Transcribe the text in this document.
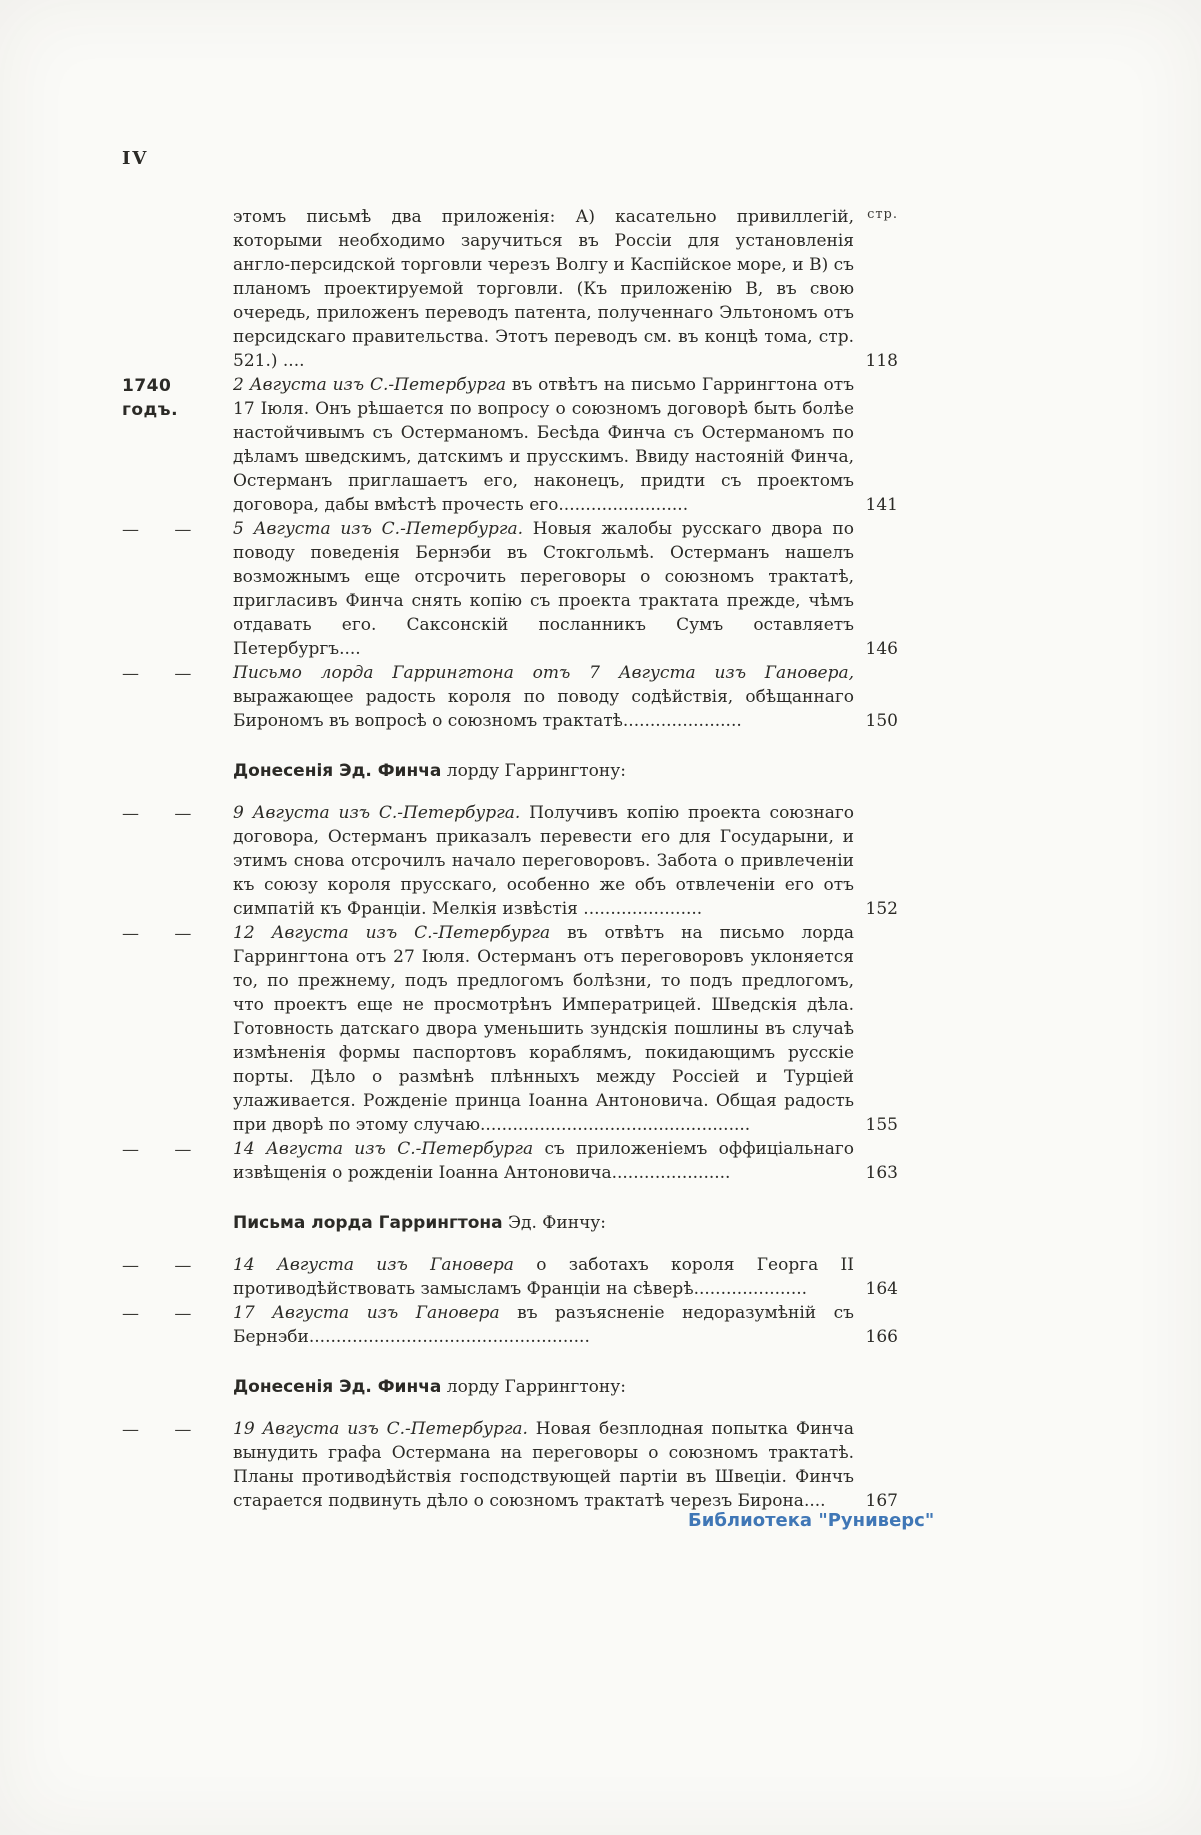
IV
стр.

этомъ письмѣ два приложенія: А) касательно привиллегій, которыми необходимо заручиться въ Россіи для установленія англо-персидской торговли черезъ Волгу и Каспійское море, и В) съ планомъ проектируемой торговли. (Къ приложенію В, въ свою очередь, приложенъ переводъ патента, полученнаго Эльтономъ отъ персидскаго правительства. Этотъ переводъ см. въ концѣ тома, стр. 521.) ....	118
1740 годъ.

2 Августа изъ С.-Петербурга въ отвѣтъ на письмо Гаррингтона отъ 17 Іюля. Онъ рѣшается по вопросу о союзномъ договорѣ быть болѣе настойчивымъ съ Остерманомъ. Бесѣда Финча съ Остерманомъ по дѣламъ шведскимъ, датскимъ и прусскимъ. Ввиду настояній Финча, Остерманъ приглашаетъ его, наконецъ, придти съ проектомъ договора, дабы вмѣстѣ прочесть его........................	141
— —	5 Августа изъ С.-Петербурга. Новыя жалобы русскаго двора по поводу поведенія Бернэби въ Стокгольмѣ. Остерманъ нашелъ возможнымъ еще отсрочить переговоры о союзномъ трактатѣ, пригласивъ Финча снять копію съ проекта трактата прежде, чѣмъ отдавать его. Саксонскій посланникъ Сумъ оставляетъ Петербургъ....	146
— —	Письмо лорда Гаррингтона отъ 7 Августа изъ Гановера, выражающее радость короля по поводу содѣйствія, обѣщаннаго Бирономъ въ вопросѣ о союзномъ трактатѣ......................	150

Донесенія Эд. Финча лорду Гаррингтону:

— —	9 Августа изъ С.-Петербурга. Получивъ копію проекта союзнаго договора, Остерманъ приказалъ перевести его для Государыни, и этимъ снова отсрочилъ начало переговоровъ. Забота о привлеченіи къ союзу короля прусскаго, особенно же объ отвлеченіи его отъ симпатій къ Франціи. Мелкія извѣстія ......................	152
— —	12 Августа изъ С.-Петербурга въ отвѣтъ на письмо лорда Гаррингтона отъ 27 Іюля. Остерманъ отъ переговоровъ уклоняется то, по прежнему, подъ предлогомъ болѣзни, то подъ предлогомъ, что проектъ еще не просмотрѣнъ Императрицей. Шведскія дѣла. Готовность датскаго двора уменьшить зундскія пошлины въ случаѣ измѣненія формы паспортовъ кораблямъ, покидающимъ русскіе порты. Дѣло о размѣнѣ плѣнныхъ между Россіей и Турціей улаживается. Рожденіе принца Іоанна Антоновича. Общая радость при дворѣ по этому случаю..................................................	155
— —	14 Августа изъ С.-Петербурга съ приложеніемъ оффиціальнаго извѣщенія о рожденіи Іоанна Антоновича......................	163

Письма лорда Гаррингтона Эд. Финчу:

— —	14 Августа изъ Гановера о заботахъ короля Георга II противодѣйствовать замысламъ Франціи на сѣверѣ.....................	164
— —	17 Августа изъ Гановера въ разъясненіе недоразумѣній съ Бернэби....................................................	166

Донесенія Эд. Финча лорду Гаррингтону:

— —	19 Августа изъ С.-Петербурга. Новая безплодная попытка Финча вынудить графа Остермана на переговоры о союзномъ трактатѣ. Планы противодѣйствія господствующей партіи въ Швеціи. Финчъ старается подвинуть дѣло о союзномъ трактатѣ черезъ Бирона....	167
Библиотека "Руниверс"
